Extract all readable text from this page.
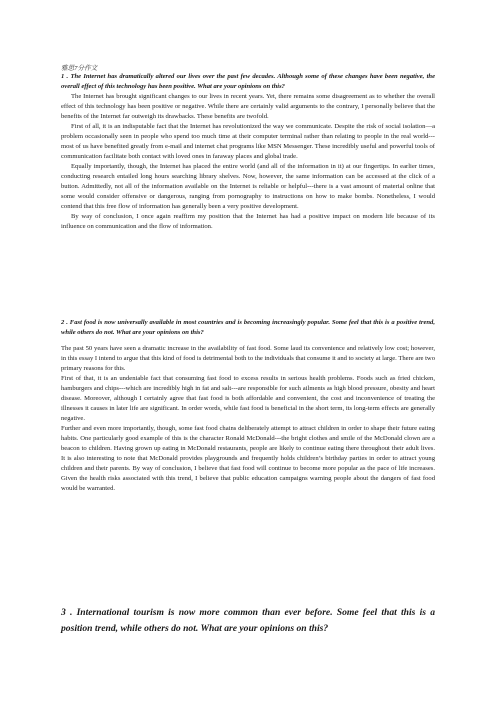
雅思7分作文

1 . The Internet has dramatically altered our lives over the past few decades. Although some of these changes have been negative, the overall effect of this technology has been positive. What are your opinions on this?

The Internet has brought significant changes to our lives in recent years. Yet, there remains some disagreement as to whether the overall effect of this technology has been positive or negative. While there are certainly valid arguments to the contrary, I personally believe that the benefits of the Internet far outweigh its drawbacks. These benefits are twofold.

First of all, it is an indisputable fact that the Internet has revolutionized the way we communicate. Despite the risk of social isolation—a problem occasionally seen in people who spend too much time at their computer terminal rather than relating to people in the real world--- most of us have benefited greatly from e-mail and internet chat programs like MSN Messenger. These incredibly useful and powerful tools of communication facilitate both contact with loved ones in faraway places and global trade.

Equally importantly, though, the Internet has placed the entire world (and all of the information in it) at our fingertips. In earlier times, conducting research entailed long hours searching library shelves. Now, however, the same information can be accessed at the click of a button. Admittedly, not all of the information available on the Internet is reliable or helpful---there is a vast amount of material online that some would consider offensive or dangerous, ranging from pornography to instructions on how to make bombs. Nonetheless, I would contend that this free flow of information has generally been a very positive development.

By way of conclusion, I once again reaffirm my position that the Internet has had a positive impact on modern life because of its influence on communication and the flow of information.

2 . Fast food is now universally available in most countries and is becoming increasingly popular. Some feel that this is a positive trend, while others do not. What are your opinions on this?

The past 50 years have seen a dramatic increase in the availability of fast food. Some laud its convenience and relatively low cost; however, in this essay I intend to argue that this kind of food is detrimental both to the individuals that consume it and to society at large. There are two primary reasons for this.

First of that, it is an undeniable fact that consuming fast food to excess results in serious health problems. Foods such as fried chicken, hamburgers and chips---which are incredibly high in fat and salt---are responsible for such ailments as high blood pressure, obesity and heart disease. Moreover, although I certainly agree that fast food is both affordable and convenient, the cost and inconvenience of treating the illnesses it causes in later life are significant. In order words, while fast food is beneficial in the short term, its long-term effects are generally negative.

Further and even more importantly, though, some fast food chains deliberately attempt to attract children in order to shape their future eating habits. One particularly good example of this is the character Ronald McDonald---the bright clothes and smile of the McDonald clown are a beacon to children. Having grown up eating in McDonald restaurants, people are likely to continue eating there throughout their adult lives. It is also interesting to note that McDonald provides playgrounds and frequently holds children’s birthday parties in order to attract young children and their parents. By way of conclusion, I believe that fast food will continue to become more popular as the pace of life increases. Given the health risks associated with this trend, I believe that public education campaigns warning people about the dangers of fast food would be warranted.

3 . International tourism is now more common than ever before. Some feel that this is a position trend, while others do not. What are your opinions on this?
